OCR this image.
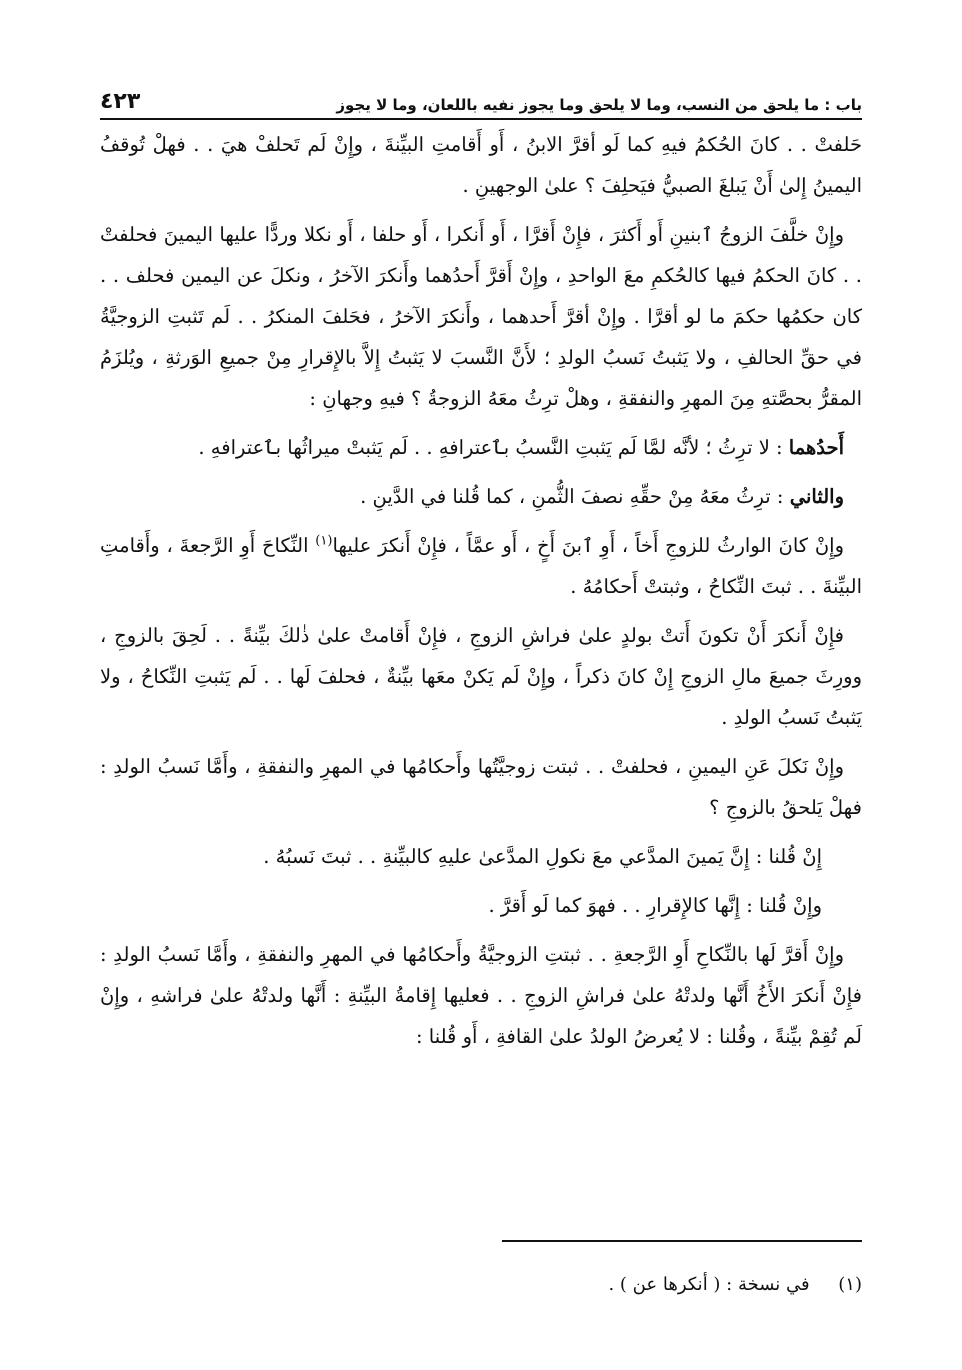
باب : ما يلحق من النسب، وما لا يلحق وما يجوز نفيه باللعان، وما لا يجوز
٤٢٣

حَلفتْ . . كانَ الحُكمُ فيهِ كما لَو أقرَّ الابنُ ، أَو أَقامتِ البيِّنةَ ، وإِنْ لَم تَحلفْ هيَ . . فهلْ تُوقفُ اليمينُ إِلىٰ أَنْ يَبلغَ الصبيُّ فيَحلِفَ ؟ علىٰ الوجهينِ .

وإِنْ خلَّفَ الزوجُ ٱبنينِ أَو أَكثرَ ، فإِنْ أَقرَّا ، أَو أَنكرا ، أَو حلفا ، أَو نكلا وردًّا عليها اليمينَ فحلفتْ . . كانَ الحكمُ فيها كالحُكمِ معَ الواحدِ ، وإِنْ أَقرَّ أَحدُهما وأَنكرَ الآخرُ ، ونكلَ عن اليمين فحلف . . كان حكمُها حكمَ ما لو أقرَّا . وإِنْ أقرَّ أَحدهما ، وأَنكرَ الآخرُ ، فحَلفَ المنكرُ . . لَم تَثبتِ الزوجيَّةُ في حقِّ الحالفِ ، ولا يَثبتُ نَسبُ الولدِ ؛ لأَنَّ النَّسبَ لا يَثبتُ إِلاَّ بالإِقرارِ مِنْ جميعِ الوَرثةِ ، ويُلزَمُ المقرُّ بحصَّتهِ مِنَ المهرِ والنفقةِ ، وهلْ ترِثُ معَهُ الزوجةُ ؟ فيهِ وجهانِ :

أَحدُهما : لا ترِثُ ؛ لأنَّه لمَّا لَم يَثبتِ النَّسبُ بٱعترافهِ . . لَم يَثبتْ ميراثُها بٱعترافهِ .

والثاني : ترِثُ معَهُ مِنْ حقِّهِ نصفَ الثُّمنِ ، كما قُلنا في الدَّينِ .

وإِنْ كانَ الوارثُ للزوجِ أَخاً ، أَوِ ٱبنَ أَخٍ ، أَو عمَّاً ، فإِنْ أَنكرَ عليها$^{(١)}$ النِّكاحَ أَوِ الرَّجعةَ ، وأَقامتِ البيِّنةَ . . ثبتَ النِّكاحُ ، وثبتتْ أَحكامُهُ .

فإِنْ أَنكرَ أَنْ تكونَ أَتتْ بولدٍ علىٰ فراشِ الزوجِ ، فإِنْ أَقامتْ علىٰ ذٰلكَ بيِّنةً . . لَحِقَ بالزوجِ ، وورِثَ جميعَ مالِ الزوجِ إِنْ كانَ ذكراً ، وإِنْ لَم يَكنْ معَها بيِّنةٌ ، فحلفَ لَها . . لَم يَثبتِ النِّكاحُ ، ولا يَثبتُ نَسبُ الولدِ .

وإِنْ نَكلَ عَنِ اليمينِ ، فحلفتْ . . ثبتت زوجيَّتُها وأَحكامُها في المهرِ والنفقةِ ، وأَمَّا نَسبُ الولدِ : فهلْ يَلحقُ بالزوجِ ؟

إِنْ قُلنا : إِنَّ يَمينَ المدَّعي معَ نكولِ المدَّعىٰ عليهِ كالبيِّنةِ . . ثبتَ نَسبُهُ .

وإِنْ قُلنا : إِنَّها كالإِقرارِ . . فهوَ كما لَو أَقرَّ .

وإِنْ أَقرَّ لَها بالنِّكاحِ أَوِ الرَّجعةِ . . ثبتتِ الزوجيَّةُ وأَحكامُها في المهرِ والنفقةِ ، وأَمَّا نَسبُ الولدِ : فإِنْ أَنكرَ الأَخُ أَنَّها ولدتْهُ علىٰ فراشِ الزوجِ . . فعليها إِقامةُ البيِّنةِ : أَنَّها ولدتْهُ علىٰ فراشهِ ، وإِنْ لَم تُقِمْ بيِّنةً ، وقُلنا : لا يُعرضُ الولدُ علىٰ القافةِ ، أَو قُلنا :

(١)     في نسخة : ( أنكرها عن ) .
